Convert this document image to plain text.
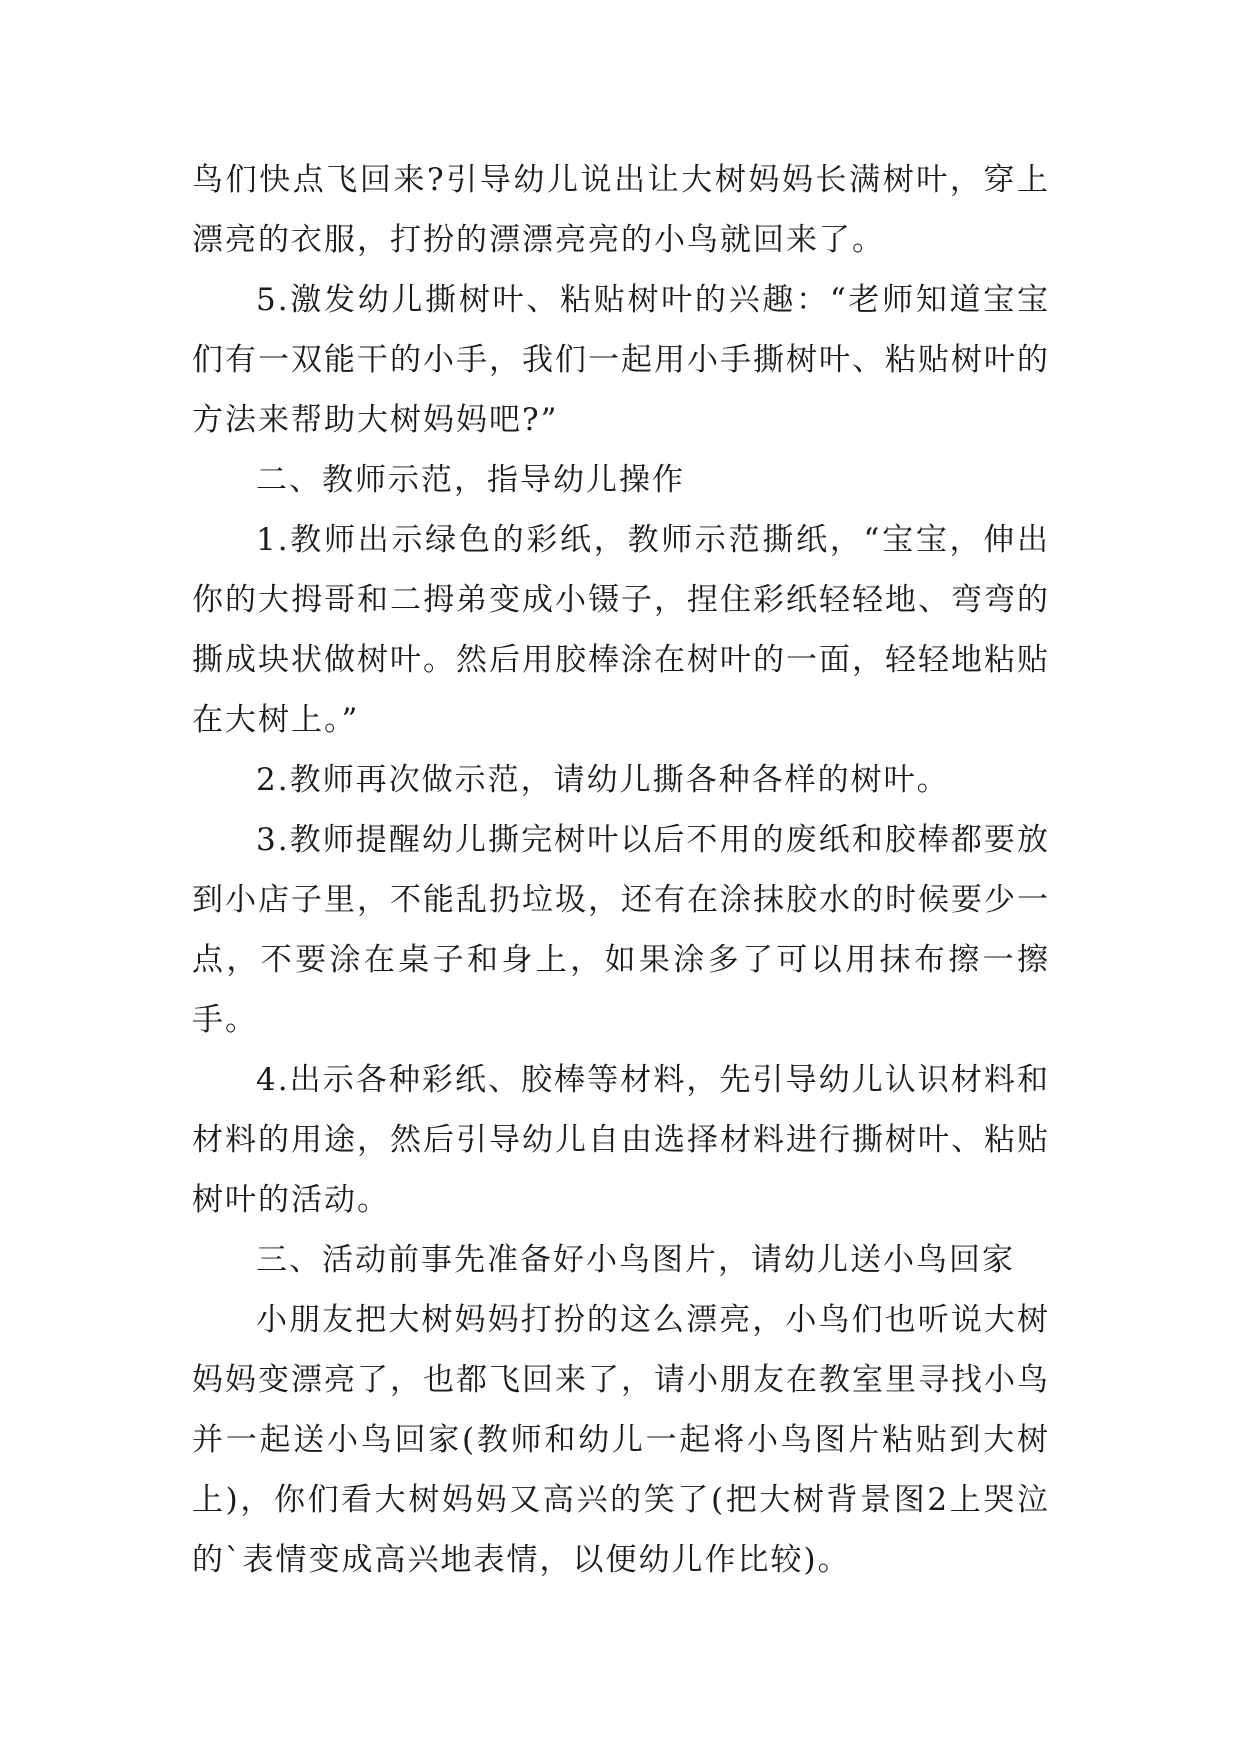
鸟们快点飞回来?引导幼儿说出让大树妈妈长满树叶，穿上漂亮的衣服，打扮的漂漂亮亮的小鸟就回来了。

5.激发幼儿撕树叶、粘贴树叶的兴趣：“老师知道宝宝们有一双能干的小手，我们一起用小手撕树叶、粘贴树叶的方法来帮助大树妈妈吧?”

二、教师示范，指导幼儿操作

1.教师出示绿色的彩纸，教师示范撕纸，“宝宝，伸出你的大拇哥和二拇弟变成小镊子，捏住彩纸轻轻地、弯弯的撕成块状做树叶。然后用胶棒涂在树叶的一面，轻轻地粘贴在大树上。”

2.教师再次做示范，请幼儿撕各种各样的树叶。

3.教师提醒幼儿撕完树叶以后不用的废纸和胶棒都要放到小店子里，不能乱扔垃圾，还有在涂抹胶水的时候要少一点，不要涂在桌子和身上，如果涂多了可以用抹布擦一擦手。

4.出示各种彩纸、胶棒等材料，先引导幼儿认识材料和材料的用途，然后引导幼儿自由选择材料进行撕树叶、粘贴树叶的活动。

三、活动前事先准备好小鸟图片，请幼儿送小鸟回家

小朋友把大树妈妈打扮的这么漂亮，小鸟们也听说大树妈妈变漂亮了，也都飞回来了，请小朋友在教室里寻找小鸟并一起送小鸟回家(教师和幼儿一起将小鸟图片粘贴到大树上)，你们看大树妈妈又高兴的笑了(把大树背景图2上哭泣的`表情变成高兴地表情，以便幼儿作比较)。
